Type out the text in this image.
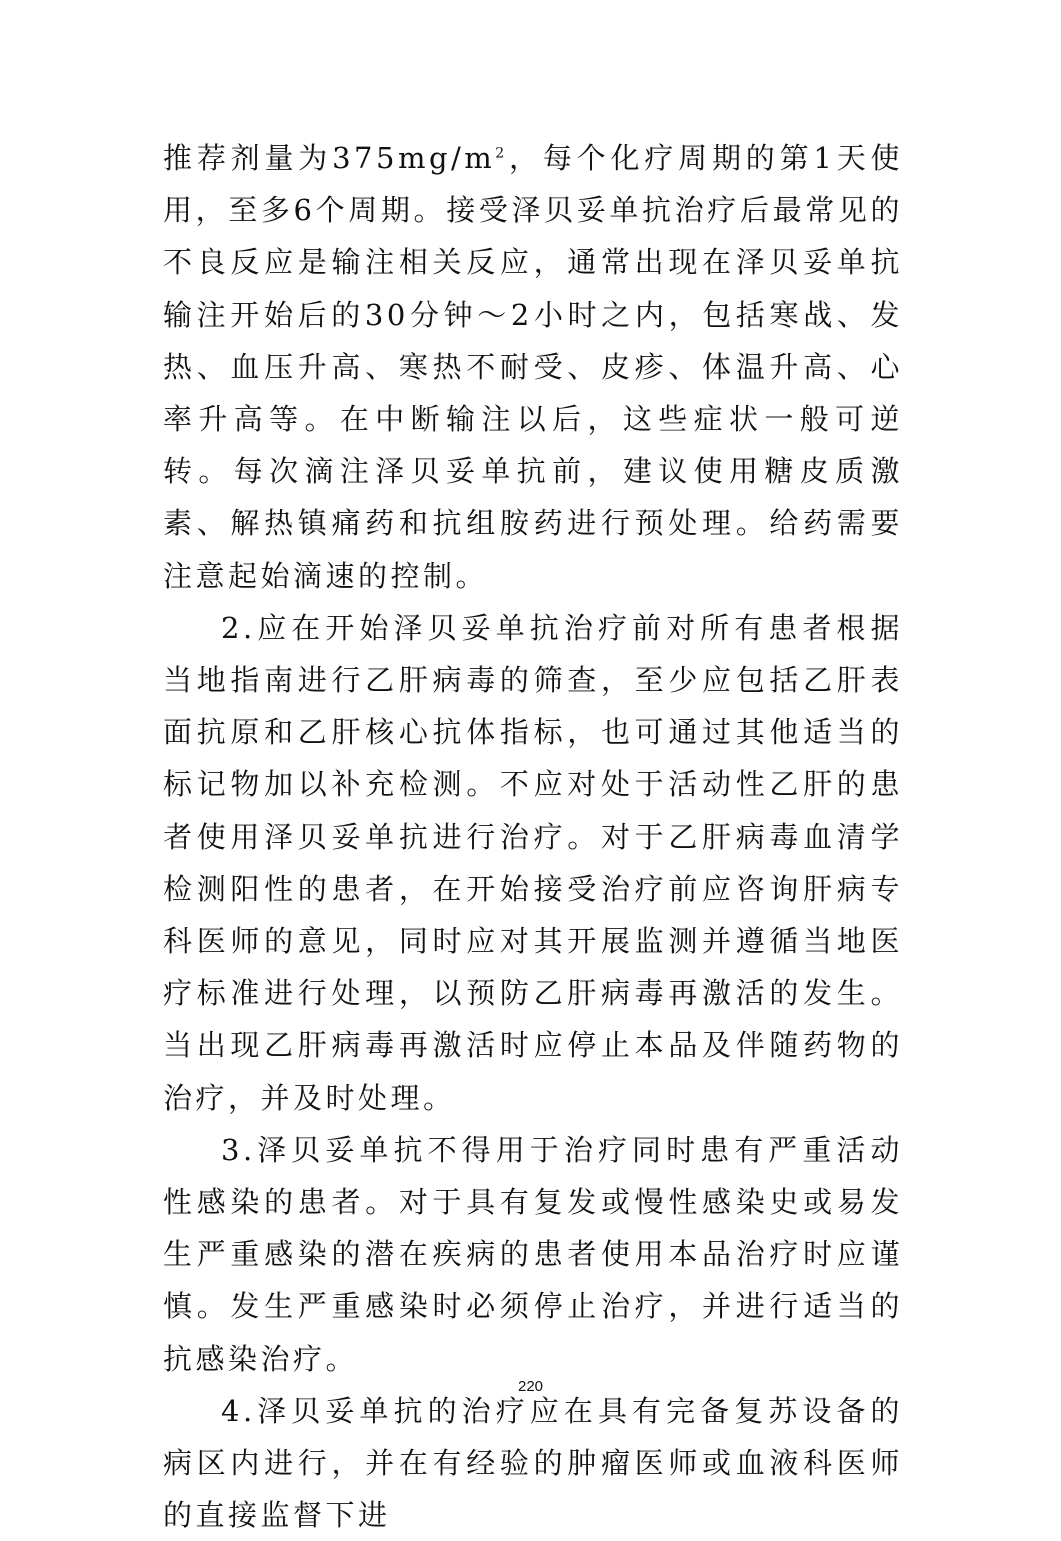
推荐剂量为$375mg/m^2$，每个化疗周期的第1天使用，至多6个周期。接受泽贝妥单抗治疗后最常见的不良反应是输注相关反应，通常出现在泽贝妥单抗输注开始后的30分钟～2小时之内，包括寒战、发热、血压升高、寒热不耐受、皮疹、体温升高、心率升高等。在中断输注以后，这些症状一般可逆转。每次滴注泽贝妥单抗前，建议使用糖皮质激素、解热镇痛药和抗组胺药进行预处理。给药需要注意起始滴速的控制。

2.应在开始泽贝妥单抗治疗前对所有患者根据当地指南进行乙肝病毒的筛查，至少应包括乙肝表面抗原和乙肝核心抗体指标，也可通过其他适当的标记物加以补充检测。不应对处于活动性乙肝的患者使用泽贝妥单抗进行治疗。对于乙肝病毒血清学检测阳性的患者，在开始接受治疗前应咨询肝病专科医师的意见，同时应对其开展监测并遵循当地医疗标准进行处理，以预防乙肝病毒再激活的发生。当出现乙肝病毒再激活时应停止本品及伴随药物的治疗，并及时处理。

3.泽贝妥单抗不得用于治疗同时患有严重活动性感染的患者。对于具有复发或慢性感染史或易发生严重感染的潜在疾病的患者使用本品治疗时应谨慎。发生严重感染时必须停止治疗，并进行适当的抗感染治疗。

4.泽贝妥单抗的治疗应在具有完备复苏设备的病区内进行，并在有经验的肿瘤医师或血液科医师的直接监督下进

220
